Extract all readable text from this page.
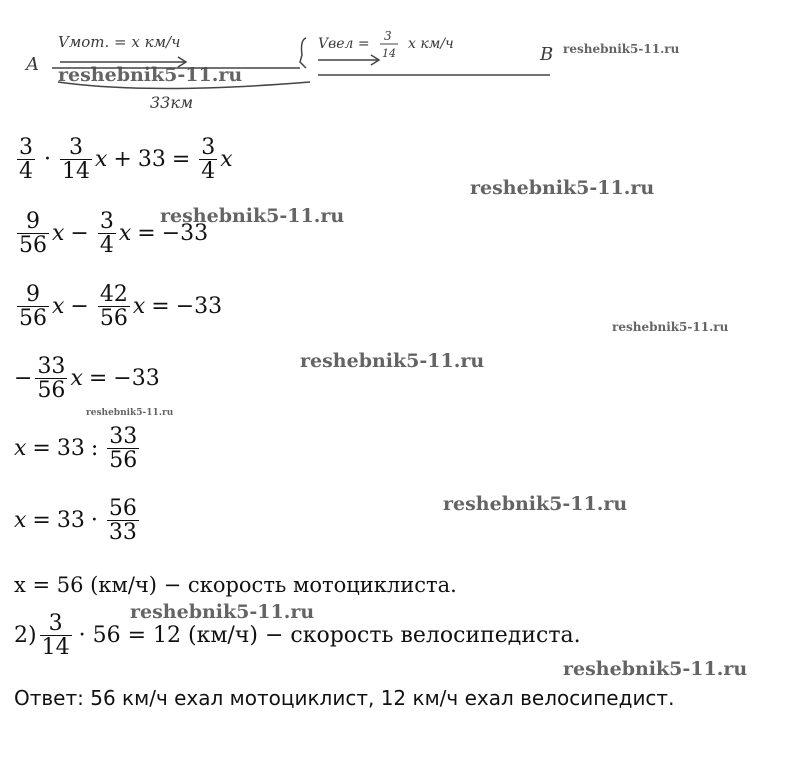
A
Vмот. = x км/ч
33км
Vвел = 3
14
x км/ч	B
reshebnik5-11.ru
reshebnik5-11.ru
reshebnik5-11.ru
reshebnik5-11.ru
reshebnik5-11.ru
reshebnik5-11.ru
reshebnik5-11.ru
reshebnik5-11.ru
reshebnik5-11.ru
reshebnik5-11.ru
$\frac{3}{4} \cdot \frac{3}{14}$ $x + 33 = \frac{3}{4}$ x
$\frac{9}{56}$ $x - \frac{3}{4}$ x = −33
$\frac{9}{56}$ $x - \frac{42}{56}$ x = −33
− $\frac{33}{56}$ x = −33
x = 33 : $\frac{33}{56}$
$x = 33 \cdot \frac{56}{33}$
x = 56 (км/ч) − скорость мотоциклиста.
$2) \frac{3}{14} \cdot 56 = 12$ (км/ч) − скорость велосипедиста.
Ответ: 56 км/ч ехал мотоциклист, 12 км/ч ехал велосипедист.
